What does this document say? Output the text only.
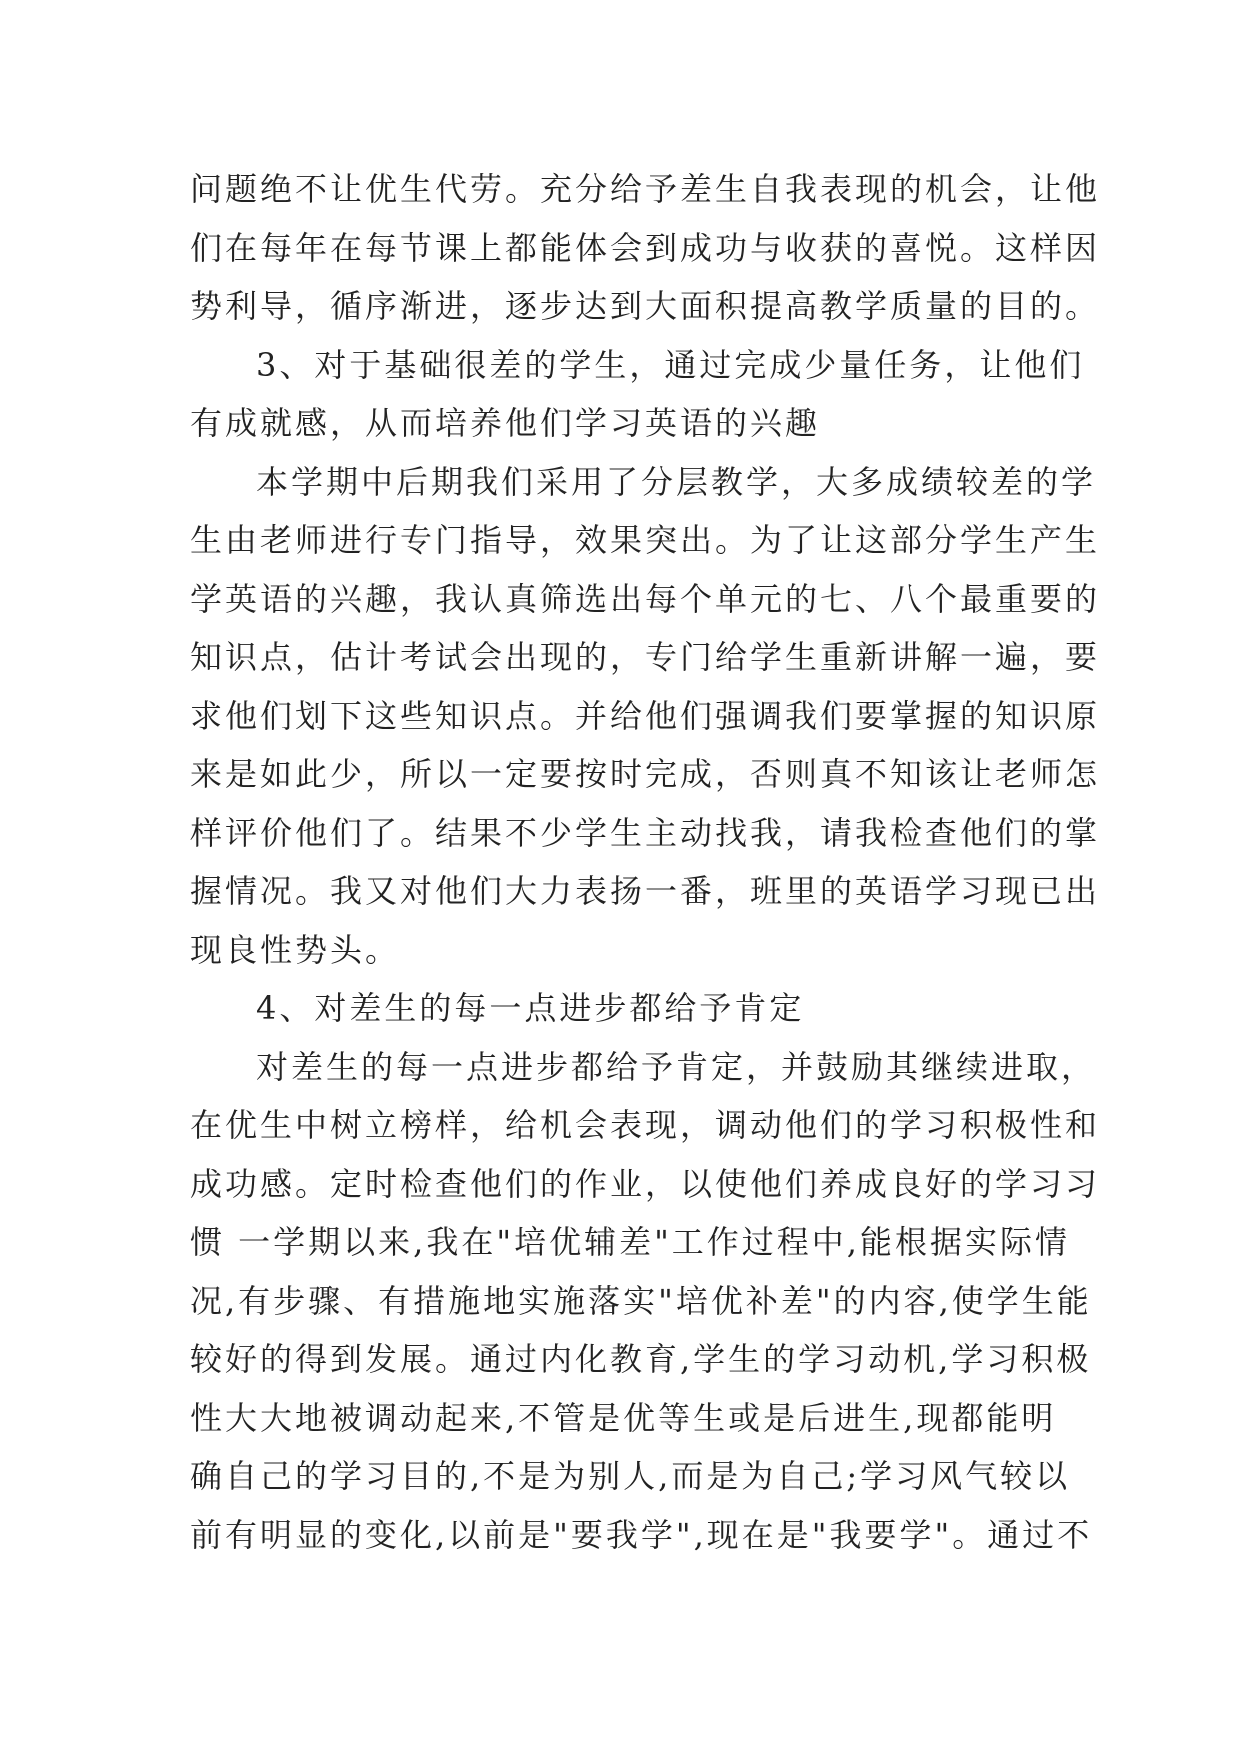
问题绝不让优生代劳。充分给予差生自我表现的机会，让他
们在每年在每节课上都能体会到成功与收获的喜悦。这样因
势利导，循序渐进，逐步达到大面积提高教学质量的目的。
3、对于基础很差的学生，通过完成少量任务，让他们
有成就感，从而培养他们学习英语的兴趣
本学期中后期我们采用了分层教学，大多成绩较差的学
生由老师进行专门指导，效果突出。为了让这部分学生产生
学英语的兴趣，我认真筛选出每个单元的七、八个最重要的
知识点，估计考试会出现的，专门给学生重新讲解一遍，要
求他们划下这些知识点。并给他们强调我们要掌握的知识原
来是如此少，所以一定要按时完成，否则真不知该让老师怎
样评价他们了。结果不少学生主动找我，请我检查他们的掌
握情况。我又对他们大力表扬一番，班里的英语学习现已出
现良性势头。
4、对差生的每一点进步都给予肯定
对差生的每一点进步都给予肯定，并鼓励其继续进取，
在优生中树立榜样，给机会表现，调动他们的学习积极性和
成功感。定时检查他们的作业，以使他们养成良好的学习习
惯 一学期以来,我在"培优辅差"工作过程中,能根据实际情
况,有步骤、有措施地实施落实"培优补差"的内容,使学生能
较好的得到发展。通过内化教育,学生的学习动机,学习积极
性大大地被调动起来,不管是优等生或是后进生,现都能明
确自己的学习目的,不是为别人,而是为自己;学习风气较以
前有明显的变化,以前是"要我学",现在是"我要学"。通过不
